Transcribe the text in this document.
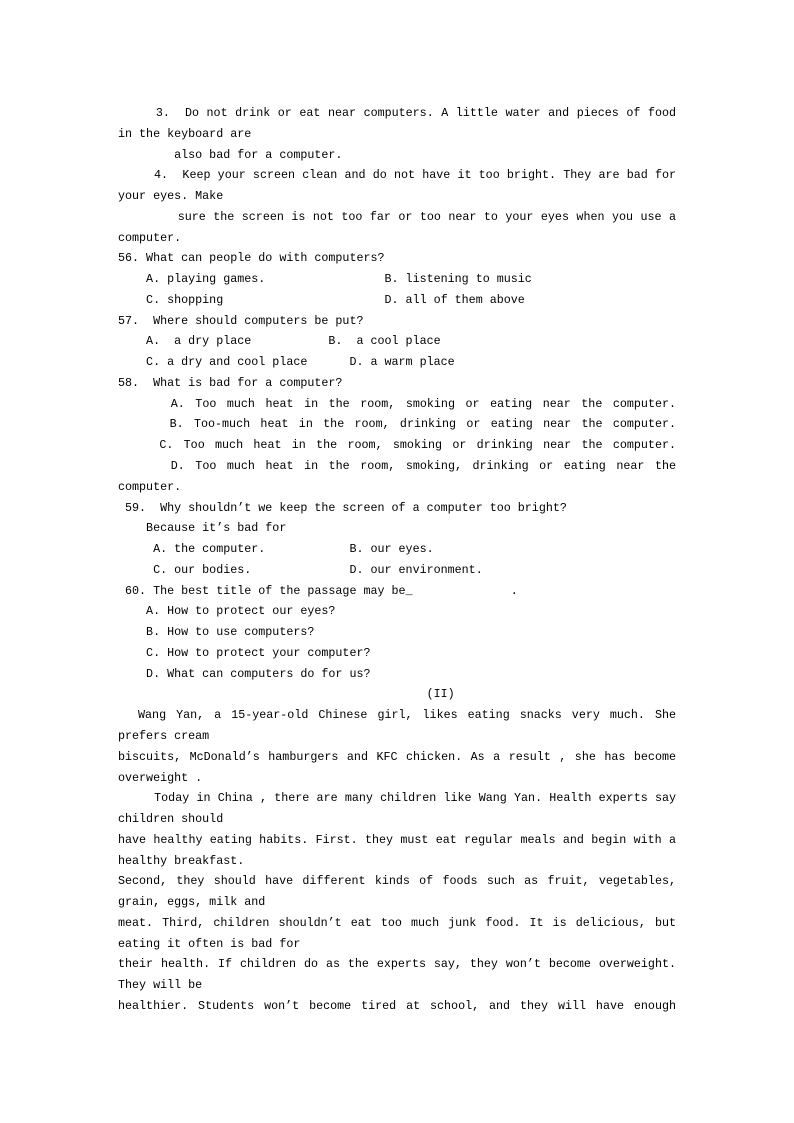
3.  Do not drink or eat near computers. A little water and pieces of food
in the keyboard are
also bad for a computer.
4.  Keep your screen clean and do not have it too bright. They are bad for
your eyes. Make
sure the screen is not too far or too near to your eyes when you use a
computer.
56. What can people do with computers?
A. playing games.                 B. listening to music
C. shopping                       D. all of them above
57.  Where should computers be put?
A.  a dry place           B.  a cool place
C. a dry and cool place      D. a warm place
58.  What is bad for a computer?
A. Too much heat in the room, smoking or eating near the computer.
B. Too-much heat in the room, drinking or eating near the computer.
C. Too much heat in the room, smoking or drinking near the computer.
D. Too much heat in the room, smoking, drinking or eating near the
computer.
59.  Why shouldn’t we keep the screen of a computer too bright?
Because it’s bad for
A. the computer.            B. our eyes.
C. our bodies.              D. our environment.
60. The best title of the passage may be_              .
A. How to protect our eyes?
B. How to use computers?
C. How to protect your computer?
D. What can computers do for us?
(II)
Wang Yan, a 15-year-old Chinese girl, likes eating snacks very much. She
prefers cream
biscuits, McDonald’s hamburgers and KFC chicken. As a result , she has become
overweight .
Today in China , there are many children like Wang Yan. Health experts say
children should
have healthy eating habits. First. they must eat regular meals and begin with a
healthy breakfast.
Second, they should have different kinds of foods such as fruit, vegetables,
grain, eggs, milk and
meat. Third, children shouldn’t eat too much junk food. It is delicious, but
eating it often is bad for
their health. If children do as the experts say, they won’t become overweight.
They will be
healthier. Students won’t become tired at school, and they will have enough
